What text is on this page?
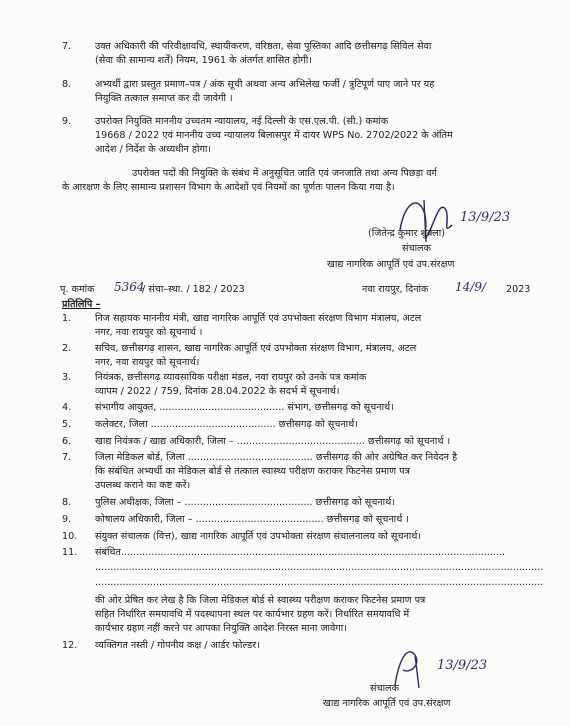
7. उक्त अधिकारी की परिवीक्षावधि, स्थायीकरण, वरिष्ठता, सेवा पुस्तिका आदि छत्तीसगढ़ सिविल सेवा
(सेवा की सामान्य शर्तें) नियम, 1961 के अंतर्गत शासित होगी।
8. अभ्यर्थी द्वारा प्रस्तुत प्रमाण–पत्र / अंक सूची अथवा अन्य अभिलेख फर्जी / त्रुटिपूर्ण पाए जाने पर यह
नियुक्ति तत्काल समाप्त कर दी जावेगी ।
9. उपरोक्त नियुक्ति माननीय उच्चतम न्यायालय, नई दिल्ली के एस.एल.पी. (सी.) कमांक
19668 / 2022 एवं माननीय उच्च न्यायालय बिलासपुर में दायर WPS No. 2702/2022 के अंतिम
आदेश / निर्देश के अध्यधीन होगा।
उपरोक्त पदों की नियुक्ति के संबंध में अनुसूचित जाति एवं जनजाति तथा अन्य पिछड़ा वर्ग
के आरक्षण के लिए सामान्य प्रशासन विभाग के आदेशों एवं नियमों का पूर्णतः पालन किया गया है।
13/9/23
(जितेन्द्र कुमार शुक्ला)
संचालक
खाद्य नागरिक आपूर्ति एवं उप.संरक्षण
पृ. कमांक 5364
/ संचा–स्था. / 182 / 2023	नवा रायपुर, दिनांक 14/9/ 2023
प्रतिलिपि –
1. निज सहायक माननीय मंत्री, खाद्य नागरिक आपूर्ति एवं उपभोक्ता संरक्षण विभाग मंत्रालय, अटल
नगर, नवा रायपुर को सूचनार्थ ।
2. सचिव, छत्तीसगढ़ शासन, खाद्य नागरिक आपूर्ति एवं उपभोक्ता संरक्षण विभाग, मंत्रालय, अटल
नगर, नवा रायपुर को सूचनार्थ।
3. नियंत्रक, छत्तीसगढ़ व्यावसायिक परीक्षा मंडल, नवा रायपुर को उनके पत्र कमांक
व्यापम / 2022 / 759, दिनांक 28.04.2022 के सदर्भ में सूचनार्थ।
4. संभागीय आयुक्त, ......................................... संभाग, छत्तीसगढ़ को सूचनार्थ।
5. कलेक्टर, जिला ......................................... छत्तीसगढ़ को सूचनार्थ।
6. खाद्य नियंत्रक / खाद्य अधिकारी, जिला – .......................................... छत्तीसगढ़ को सूचनार्थ ।
7. जिला मेडिकल बोर्ड, जिला ......................................... छत्तीसगढ़ की ओर अग्रेषित कर निवेदन है
कि संबंधित अभ्यर्थी का मेडिकल बोर्ड से तत्काल स्वास्थ्य परीक्षण कराकर फिटनेस प्रमाण पत्र
उपलब्ध कराने का कष्ट करें।
8. पुलिस अधीक्षक, जिला – .......................................... छत्तीसगढ़ को सूचनार्थ।
9. कोषालय अधिकारी, जिला – .......................................... छत्तीसगढ़ को सूचनार्थ ।
10. संयुक्त संचालक (वित्त), खाद्य नागरिक आपूर्ति एवं उपभोक्ता संरक्षण संचालनालय को सूचनार्थ।
11. संबंधित..............................................................................................................................
...................................................................................................................................................
...................................................................................................................................................
की ओर प्रेषित कर लेख है कि जिला मेडिकल बोर्ड से स्वास्थ्य परीक्षण कराकर फिटनेस प्रमाण पत्र
सहित निर्धारित समयावधि में पदस्थापना स्थल पर कार्यभार ग्रहण करें। निर्धारित समयावधि में
कार्यभार ग्रहण नहीं करने पर आपका नियुक्ति आदेश निरस्त माना जावेगा।
12. व्यक्तिगत नस्ती / गोपनीय कक्ष / आर्डर फोल्डर।
13/9/23
संचालक
खाद्य नागरिक आपूर्ति एवं उप.संरक्षण
